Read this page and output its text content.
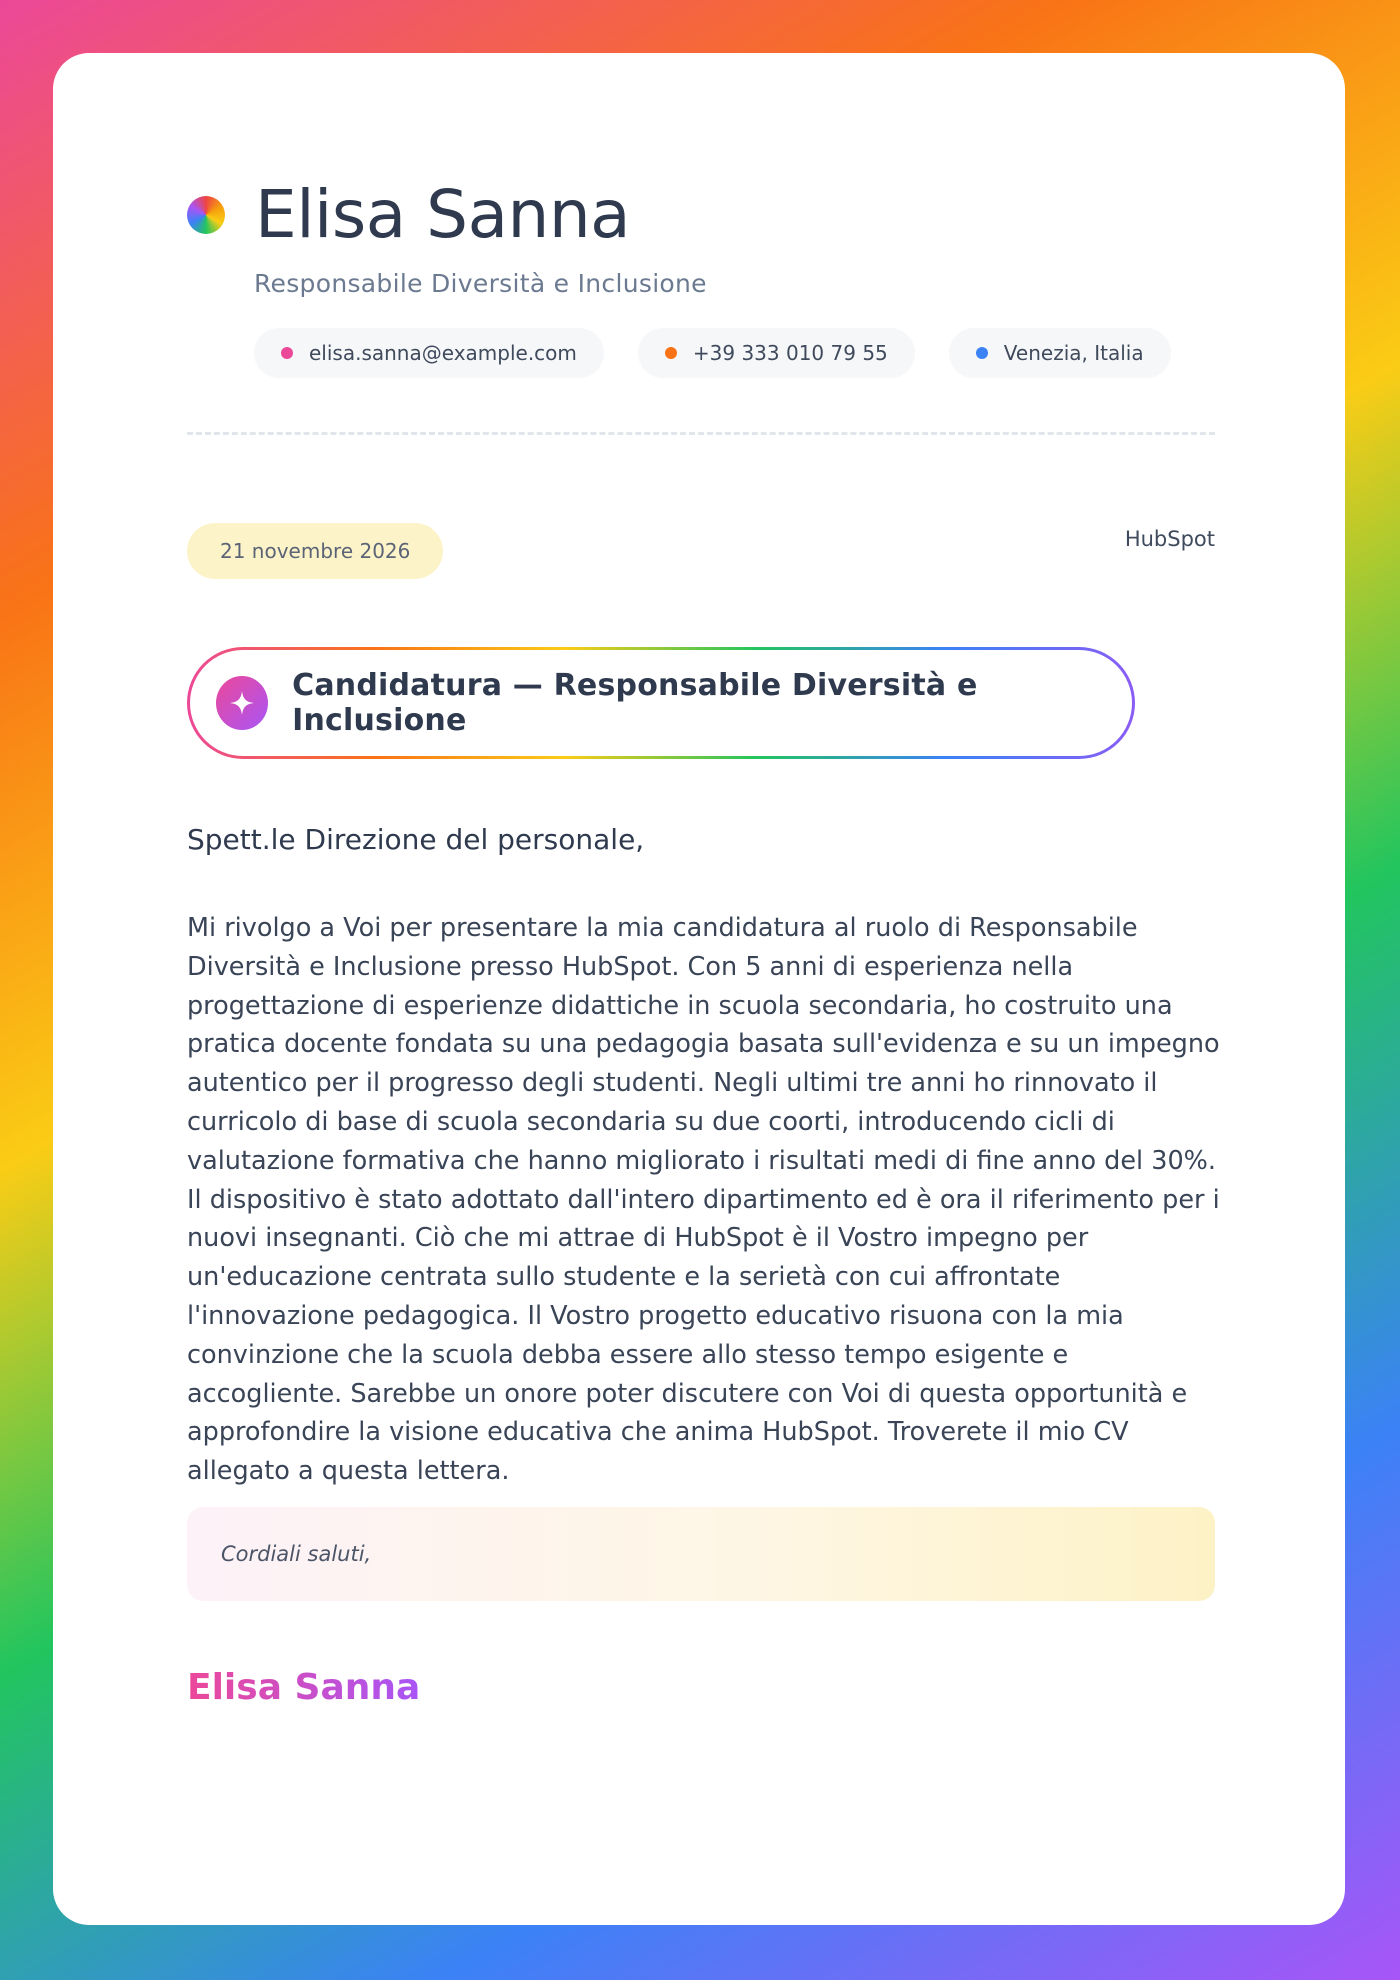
Elisa Sanna
Responsabile Diversità e Inclusione
elisa.sanna@example.com	+39 333 010 79 55	Venezia, Italia
21 novembre 2026	HubSpot
Candidatura — Responsabile Diversità e Inclusione
Spett.le Direzione del personale,
Mi rivolgo a Voi per presentare la mia candidatura al ruolo di Responsabile Diversità e Inclusione presso HubSpot. Con 5 anni di esperienza nella progettazione di esperienze didattiche in scuola secondaria, ho costruito una pratica docente fondata su una pedagogia basata sull'evidenza e su un impegno autentico per il progresso degli studenti. Negli ultimi tre anni ho rinnovato il curricolo di base di scuola secondaria su due coorti, introducendo cicli di valutazione formativa che hanno migliorato i risultati medi di fine anno del 30%. Il dispositivo è stato adottato dall'intero dipartimento ed è ora il riferimento per i nuovi insegnanti. Ciò che mi attrae di HubSpot è il Vostro impegno per un'educazione centrata sullo studente e la serietà con cui affrontate l'innovazione pedagogica. Il Vostro progetto educativo risuona con la mia convinzione che la scuola debba essere allo stesso tempo esigente e accogliente. Sarebbe un onore poter discutere con Voi di questa opportunità e approfondire la visione educativa che anima HubSpot. Troverete il mio CV allegato a questa lettera.
Cordiali saluti,
Elisa Sanna
